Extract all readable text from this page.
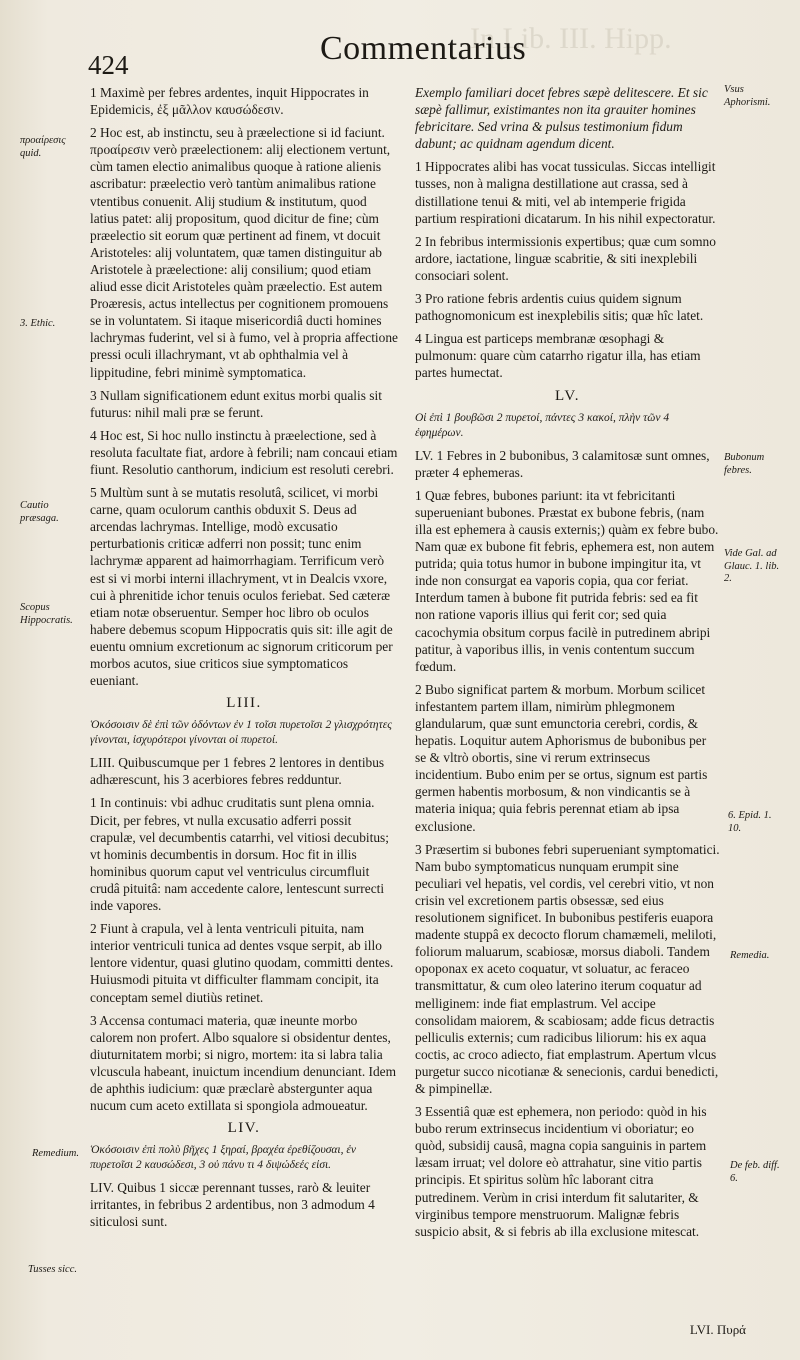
In Lib. III. Hipp.
424	Commentarius

1 Maximè per febres ardentes, inquit Hippocrates in Epidemicis, ἐξ μᾶλλον καυσώδεσιν.

2 Hoc est, ab instinctu, seu à præelectione si id faciunt. προαίρεσιν verò præelectionem: alij electionem vertunt, cùm tamen electio animalibus quoque à ratione alienis ascribatur: præelectio verò tantùm animalibus ratione vtentibus conuenit. Alij studium & institutum, quod latius patet: alij propositum, quod dicitur de fine; cùm præelectio sit eorum quæ pertinent ad finem, vt docuit Aristoteles: alij voluntatem, quæ tamen distinguitur ab Aristotele à præelectione: alij consilium; quod etiam aliud esse dicit Aristoteles quàm præelectio. Est autem Proæresis, actus intellectus per cognitionem promouens se in voluntatem. Si itaque misericordiâ ducti homines lachrymas fuderint, vel si à fumo, vel à propria affectione pressi oculi illachrymant, vt ab ophthalmia vel à lippitudine, febri minimè symptomatica.

3 Nullam significationem edunt exitus morbi qualis sit futurus: nihil mali præ se ferunt.

4 Hoc est, Si hoc nullo instinctu à præelectione, sed à resoluta facultate fiat, ardore à febrili; nam concaui etiam fiunt. Resolutio canthorum, indicium est resoluti cerebri.

5 Multùm sunt à se mutatis resolutâ, scilicet, vi morbi carne, quam oculorum canthis obduxit S. Deus ad arcendas lachrymas. Intellige, modò excusatio perturbationis criticæ adferri non possit; tunc enim lachrymæ apparent ad haimorrhagiam. Terrificum verò est si vi morbi interni illachryment, vt in Dealcis vxore, cui à phrenitide ichor tenuis oculos feriebat. Sed cæteræ etiam notæ obseruentur. Semper hoc libro ob oculos habere debemus scopum Hippocratis quis sit: ille agit de euentu omnium excretionum ac signorum criticorum per morbos acutos, siue criticos siue symptomaticos eueniant.

LIII.

Ὁκόσοισιν δὲ ἐπὶ τῶν ὀδόντων ἐν 1 τοῖσι πυρετοῖσι 2 γλισχρότητες γίνονται, ἰσχυρότεροι γίνονται οἱ πυρετοί.

LIII. Quibuscumque per 1 febres 2 lentores in dentibus adhærescunt, his 3 acerbiores febres redduntur.

1 In continuis: vbi adhuc cruditatis sunt plena omnia. Dicit, per febres, vt nulla excusatio adferri possit crapulæ, vel decumbentis catarrhi, vel vitiosi decubitus; vt hominis decumbentis in dorsum. Hoc fit in illis hominibus quorum caput vel ventriculus circumfluit crudâ pituitâ: nam accedente calore, lentescunt surrecti inde vapores.

2 Fiunt à crapula, vel à lenta ventriculi pituita, nam interior ventriculi tunica ad dentes vsque serpit, ab illo lentore videntur, quasi glutino quodam, committi dentes. Huiusmodi pituita vt difficulter flammam concipit, ita conceptam semel diutiùs retinet.

3 Accensa contumaci materia, quæ ineunte morbo calorem non profert. Albo squalore si obsidentur dentes, diuturnitatem morbi; si nigro, mortem: ita si labra talia vlcuscula habeant, inuictum incendium denunciant. Idem de aphthis iudicium: quæ præclarè abstergunter aqua nucum cum aceto extillata si spongiola admoueatur.

LIV.

Ὁκόσοισιν ἐπὶ πολὺ βῆχες 1 ξηραί, βραχέα ἐρεθίζουσαι, ἐν πυρετοῖσι 2 καυσώδεσι, 3 οὐ πάνυ τι 4 διψώδεές εἰσι.

LIV. Quibus 1 siccæ perennant tusses, rarò & leuiter irritantes, in febribus 2 ardentibus, non 3 admodum 4 siticulosi sunt.

Exemplo familiari docet febres sæpè delitescere. Et sic sæpè fallimur, existimantes non ita grauiter homines febricitare. Sed vrina & pulsus testimonium fidum dabunt; ac quidnam agendum dicent.

1 Hippocrates alibi has vocat tussiculas. Siccas intelligit tusses, non à maligna destillatione aut crassa, sed à distillatione tenui & miti, vel ab intemperie frigida partium respirationi dicatarum. In his nihil expectoratur.

2 In febribus intermissionis expertibus; quæ cum somno ardore, iactatione, linguæ scabritie, & siti inexplebili consociari solent.

3 Pro ratione febris ardentis cuius quidem signum pathognomonicum est inexplebilis sitis; quæ hîc latet.

4 Lingua est particeps membranæ œsophagi & pulmonum: quare cùm catarrho rigatur illa, has etiam partes humectat.

LV.

Οἱ ἐπὶ 1 βουβῶσι 2 πυρετοί, πάντες 3 κακοί, πλὴν τῶν 4 ἐφημέρων.

LV. 1 Febres in 2 bubonibus, 3 calamitosæ sunt omnes, præter 4 ephemeras.

1 Quæ febres, bubones pariunt: ita vt febricitanti superueniant bubones. Præstat ex bubone febris, (nam illa est ephemera à causis externis;) quàm ex febre bubo. Nam quæ ex bubone fit febris, ephemera est, non autem putrida; quia totus humor in bubone impingitur ita, vt inde non consurgat ea vaporis copia, qua cor feriat. Interdum tamen à bubone fit putrida febris: sed ea fit non ratione vaporis illius qui ferit cor; sed quia cacochymia obsitum corpus facilè in putredinem abripi patitur, à vaporibus illis, in venis contentum succum fœdum.

2 Bubo significat partem & morbum. Morbum scilicet infestantem partem illam, nimirùm phlegmonem glandularum, quæ sunt emunctoria cerebri, cordis, & hepatis. Loquitur autem Aphorismus de bubonibus per se & vltrò obortis, sine vi rerum extrinsecus incidentium. Bubo enim per se ortus, signum est partis germen habentis morbosum, & non vindicantis se à materia iniqua; quia febris perennat etiam ab ipsa exclusione.

3 Præsertim si bubones febri superueniant symptomatici. Nam bubo symptomaticus nunquam erumpit sine peculiari vel hepatis, vel cordis, vel cerebri vitio, vt non crisin vel excretionem partis obsessæ, sed eius resolutionem significet. In bubonibus pestiferis euapora madente stuppâ ex decocto florum chamæmeli, meliloti, foliorum maluarum, scabiosæ, morsus diaboli. Tandem opoponax ex aceto coquatur, vt soluatur, ac feraceo transmittatur, & cum oleo laterino iterum coquatur ad melliginem: inde fiat emplastrum. Vel accipe consolidam maiorem, & scabiosam; adde ficus detractis pelliculis externis; cum radicibus liliorum: his ex aqua coctis, ac croco adiecto, fiat emplastrum. Apertum vlcus purgetur succo nicotianæ & senecionis, cardui benedicti, & pimpinellæ.

3 Essentiâ quæ est ephemera, non periodo: quòd in his bubo rerum extrinsecus incidentium vi oboriatur; eo quòd, subsidij causâ, magna copia sanguinis in partem læsam irruat; vel dolore eò attrahatur, sine vitio partis principis. Et spiritus solùm hîc laborant citra putredinem. Verùm in crisi interdum fit salutariter, & virginibus tempore menstruorum. Malignæ febris suspicio absit, & si febris ab illa exclusione mitescat.

προαίρεσις quid.
3. Ethic.
Cautio præsaga.
Scopus Hippocratis.
Remedium.
Tusses sicc.
Vsus Aphorismi.
Bubonum febres.
Vide Gal. ad Glauc. 1. lib. 2.
6. Epid. 1. 10.
Remedia.
De feb. diff. 6.
LVI. Πυρά
